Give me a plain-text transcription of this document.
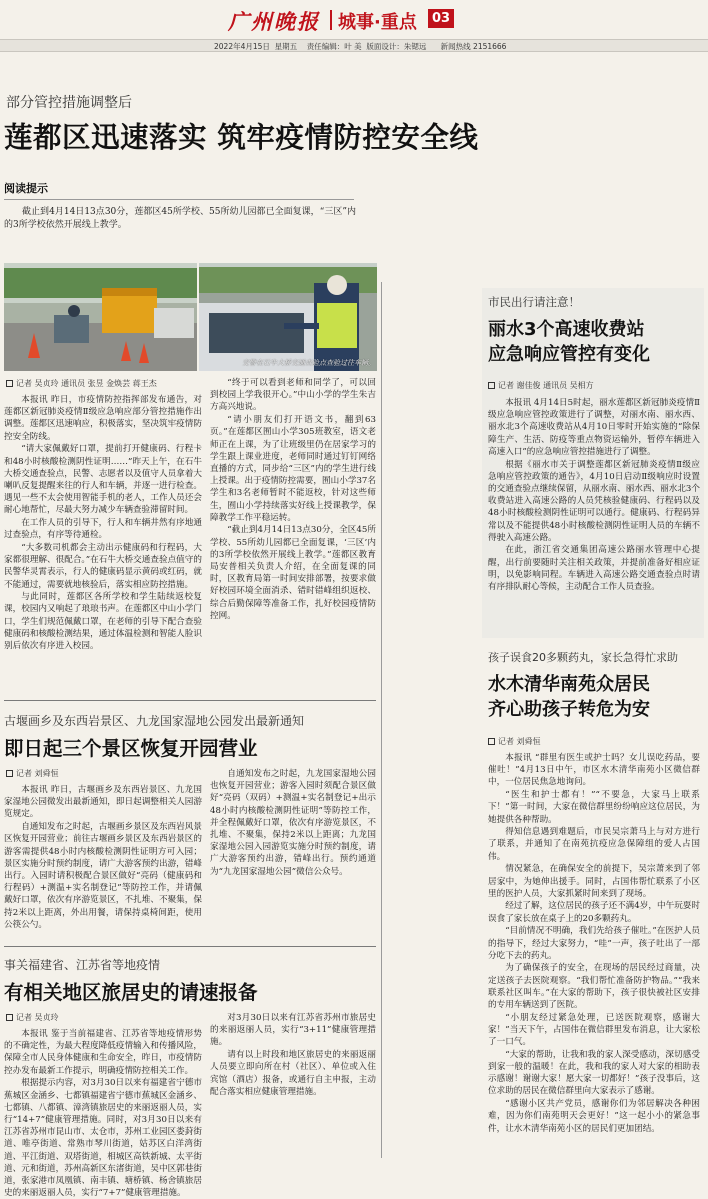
广州晚报 城事·重点	03
2022年4月15日  星期五    责任编辑：叶 美  版面设计：朱锶远      新闻热线 2151666
部分管控措施调整后
莲都区迅速落实 筑牢疫情防控安全线
阅读提示
截止到4月14日13点30分，莲都区45所学校、55所幼儿园都已全面复课，“三区”内的3所学校依然开展线上教学。
交警在石牛大桥交通查验点查验过往车辆。
记者 吴贞玲 通讯员 张昱 金焕芸 蒋王杰

本报讯 昨日，市疫情防控指挥部发布通告，对莲都区新冠肺炎疫情Ⅱ级应急响应部分管控措施作出调整。莲都区迅速响应，积极落实，坚决筑牢疫情防控安全防线。

“请大家佩戴好口罩，提前打开健康码、行程卡和48小时核酸检测阴性证明……”昨天上午，在石牛大桥交通查验点，民警、志愿者以及值守人员拿着大喇叭反复提醒来往的行人和车辆，并逐一进行检查。遇见一些不太会使用智能手机的老人，工作人员还会耐心地帮忙，尽最大努力减少车辆查验滞留时间。

在工作人员的引导下，行人和车辆井然有序地通过查验点，有序等待通检。

“大多数司机都会主动出示健康码和行程码，大家都很理解、很配合。”在石牛大桥交通查验点值守的民警华灵霄表示，行人的健康码显示黄码或红码，就不能通过，需要就地核验后，落实相应防控措施。

与此同时，莲都区各所学校和学生陆续返校复课，校园内又响起了琅琅书声。在莲都区中山小学门口，学生们规范佩戴口罩，在老师的引导下配合查验健康码和核酸检测结果，通过体温检测和智能人脸识别后依次有序进入校园。

“终于可以看到老师和同学了，可以回到校园上学我很开心。”中山小学的学生朱吉方高兴地说。

“请小朋友们打开语文书，翻到63页。”在莲都区囿山小学305班教室，语文老师正在上课，为了让班级里仍在居家学习的学生跟上课业进度，老师同时通过钉钉网络直播的方式，同步给“三区”内的学生进行线上授课。出于疫情防控需要，囿山小学37名学生和3名老师暂时不能返校，针对这些师生，囿山小学持续落实好线上授课教学，保障教学工作平稳运转。

“截止到4月14日13点30分，全区45所学校、55所幼儿园都已全面复课，‘三区’内的3所学校依然开展线上教学。”莲都区教育局安普相关负责人介绍，在全面复课的同时，区教育局第一时间安排部署，按要求做好校园环境全面消杀、错时错峰组织返校、综合后勤保障等准备工作，扎好校园疫情防控网。

古堰画乡及东西岩景区、九龙国家湿地公园发出最新通知
即日起三个景区恢复开园营业
记者 刘舜恒

本报讯 昨日，古堰画乡及东西岩景区、九龙国家湿地公园微发出最新通知，即日起调整相关人园游览规定。

自通知发布之时起，古堰画乡景区及东西岩风景区恢复开园营业；前往古堰画乡景区及东西岩景区的游客需提供48小时内核酸检测阴性证明方可入园；景区实施分时预约制度，请广大游客预约出游，错峰出行。入园时请积极配合景区做好“亮码（健康码和行程码）+测温+实名制登记”等防控工作，并请佩戴好口罩，依次有序游览景区，不扎堆、不聚集，保持2米以上距离，外出用餐，请保持桌椅间距，使用公筷公勺。

自通知发布之时起，九龙国家湿地公园也恢复开园营业；游客入园时须配合景区做好“亮码（双码）+测温+实名制登记+出示48小时内核酸检测阴性证明”等防控工作，并全程佩戴好口罩，依次有序游览景区，不扎堆、不聚集，保持2米以上距离；九龙国家湿地公园入园游览实施分时预约制度，请广大游客预约出游，错峰出行。预约通道为“九龙国家湿地公园”微信公众号。

事关福建省、江苏省等地疫情
有相关地区旅居史的请速报备
记者 吴贞玲

本报讯 鉴于当前福建省、江苏省等地疫情形势的不确定性，为最大程度降低疫情输入和传播风险，保障全市人民身体健康和生命安全，昨日，市疫情防控办发布最新工作提示，明确疫情防控相关工作。

根据提示内容，对3月30日以来有福建省宁德市蕉城区金涵乡、七都镇福建省宁德市蕉城区金涵乡、七都镇、八都镇、漳湾镇旅居史的来丽返丽人员，实行“14+7”健康管理措施。同时，对3月30日以来有江苏省苏州市昆山市、太仓市，苏州工业园区娄葑街道、唯亭街道、常熟市琴川街道，姑苏区白洋湾街道、平江街道、双塔街道，相城区高铁新城、太平街道、元和街道，苏州高新区东渚街道，吴中区郭巷街道，张家港市凤凰镇、南丰镇、塘桥镇、杨舍镇旅居史的来丽返丽人员，实行“7+7”健康管理措施。

对3月30日以来有江苏省苏州市旅居史的来丽返丽人员，实行“3+11”健康管理措施。

请有以上时段和地区旅居史的来丽返丽人员要立即向所在村（社区）、单位或入住宾馆（酒店）报备，或通行自主申报，主动配合落实相应健康管理措施。

市民出行请注意！
丽水3个高速收费站
应急响应管控有变化
记者 谢佳俊 通讯员 吴相方

本报讯 4月14日5时起，丽水莲都区新冠肺炎疫情Ⅱ级应急响应管控政策进行了调整，对丽水南、丽水西、丽水北3个高速收费站从4月10日零时开始实施的“除保障生产、生活、防疫等重点物资运输外，暂停车辆进入高速入口”的应急响应管控措施进行了调整。

根据《丽水市关于调整莲都区新冠肺炎疫情Ⅱ级应急响应管控政策的通告》，4月10日启动Ⅱ级响应时设置的交通查验点继续保留，从丽水南、丽水西、丽水北3个收费站进入高速公路的人员凭核验健康码、行程码以及48小时核酸检测阴性证明可以通行。健康码、行程码异常以及不能提供48小时核酸检测阴性证明人员的车辆不得驶入高速公路。

在此，浙江省交通集团高速公路丽水管理中心提醒，出行前要随时关注相关政策，并提前准备好相应证明，以免影响同程。车辆进入高速公路交通查验点时请有序排队耐心等候，主动配合工作人员查验。

孩子误食20多颗药丸，家长急得忙求助
水木清华南苑众居民
齐心助孩子转危为安
记者 刘舜恒

本报讯 “群里有医生或护士吗？女儿误吃药品，要催吐！”4月13日中午，市区水木清华南苑小区微信群中，一位居民焦急地询问。

“医生和护士都有！”“不要急，大家马上联系下！”第一时间，大家在微信群里纷纷响应这位居民，为她提供各种帮助。

得知信息遇到难题后，市民吴宗萧马上与对方进行了联系，并通知了在南苑抗疫应急保障组的爱人占国伟。

情况紧急，在确保安全的前提下，吴宗萧来到了邻居家中，为她伸出援手。同时，占国伟帮忙联系了小区里的医护人员，大家抓紧时间来到了现场。

经过了解，这位居民的孩子还不满4岁，中午玩耍时误食了家长放在桌子上的20多颗药丸。

“目前情况不明确，我们先给孩子催吐。”在医护人员的指导下，经过大家努力，“哇”一声，孩子吐出了一部分吃下去的药丸。

为了确保孩子的安全，在现场的居民经过商量，决定送孩子去医院观察。“我们帮忙准备防护物品。”“我来联系社区叫车。”在大家的帮助下，孩子很快被社区安排的专用车辆送到了医院。

“小朋友经过紧急处理，已送医院观察，感谢大家！”当天下午，占国伟在微信群里发布消息，让大家松了一口气。

“大家的帮助，让我和我的家人深受感动，深切感受到家一般的温暖！在此，我和我的家人对大家的相助表示感谢！谢谢大家！愿大家一切都好！”孩子没事后，这位求助的居民在微信群里向大家表示了感谢。

“感谢小区共产党员，感谢你们为邻居解决各种困难，因为你们南苑明天会更好！”这一起小小的紧急事件，让水木清华南苑小区的居民们更加团结。
